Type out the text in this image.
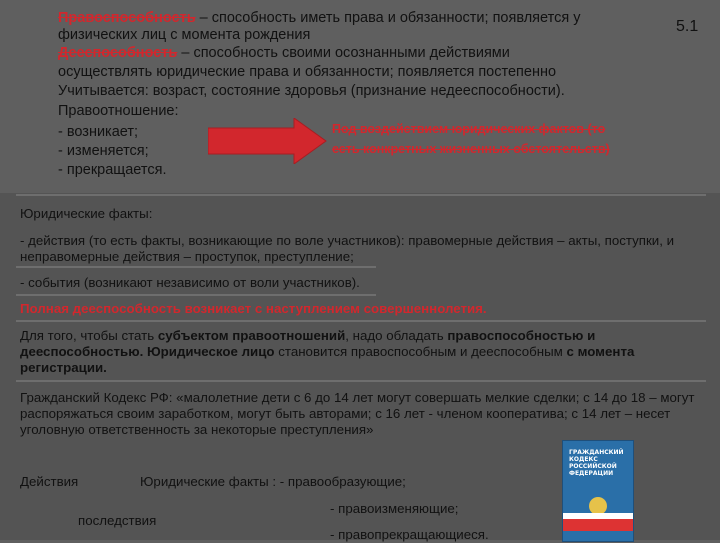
Правоспособность – способность иметь права и обязанности; появляется у	5.1
физических лиц с момента рождения
Дееспособность – способность своими осознанными действиями
осуществлять юридические права и обязанности; появляется постепенно
Учитывается: возраст, состояние здоровья (признание недееспособности).
Правоотношение:
- возникает;
- изменяется;
- прекращается.
Под воздействием юридических фактов (то
есть конкретных жизненных обстоятельств)
Юридические факты:
- действия (то есть факты, возникающие по воле участников): правомерные действия – акты, поступки, и неправомерные действия – проступок, преступление;
- события (возникают независимо от воли участников).
Полная дееспособность возникает с наступлением совершеннолетия.
Для того, чтобы стать субъектом правоотношений, надо обладать правоспособностью и дееспособностью. Юридическое лицо становится правоспособным и дееспособным с момента регистрации.
Гражданский Кодекс РФ: «малолетние дети с 6 до 14 лет могут совершать мелкие сделки; с 14 до 18 – могут распоряжаться своим заработком, могут быть авторами; с 16 лет - членом кооператива; с 14 лет – несет уголовную ответственность за некоторые преступления»
Действия	Юридические факты : - правообразующие;
последствия
- правоизменяющие;
- правопрекращающиеся.
ГРАЖДАНСКИЙ КОДЕКС РОССИЙСКОЙ ФЕДЕРАЦИИ
